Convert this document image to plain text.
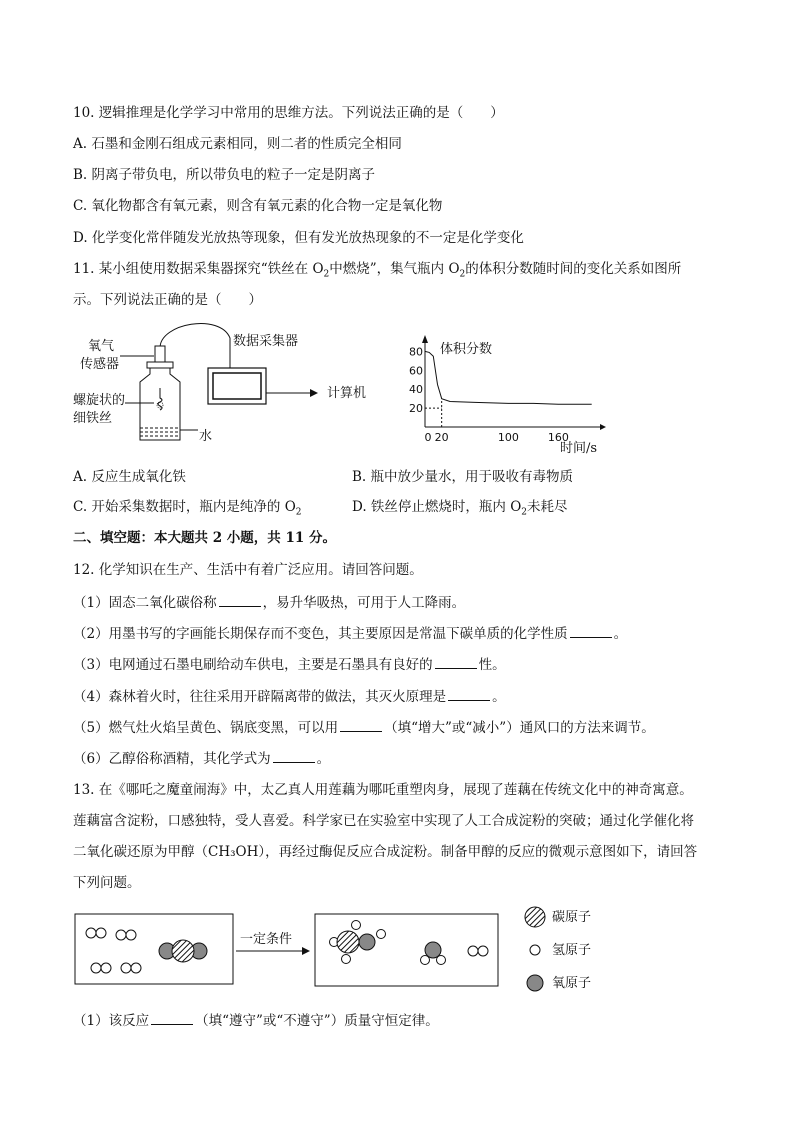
10. 逻辑推理是化学学习中常用的思维方法。下列说法正确的是（　　）
A. 石墨和金刚石组成元素相同，则二者的性质完全相同
B. 阴离子带负电，所以带负电的粒子一定是阴离子
C. 氧化物都含有氧元素，则含有氧元素的化合物一定是氧化物
D. 化学变化常伴随发光放热等现象，但有发光放热现象的不一定是化学变化
11. 某小组使用数据采集器探究“铁丝在 $O_2$中燃烧”，集气瓶内 $O_2$的体积分数随时间的变化关系如图所
示。下列说法正确的是（　　）
氧气
传感器
数据采集器
计算机
螺旋状的
细铁丝
水
20
40
60
80
0 20	100	160
体积分数
时间/s
A. 反应生成氧化铁	B. 瓶中放少量水，用于吸收有毒物质
C. 开始采集数据时，瓶内是纯净的 $O_2$	D. 铁丝停止燃烧时，瓶内 $O_2$未耗尽
二、填空题：本大题共 2 小题，共 11 分。
12. 化学知识在生产、生活中有着广泛应用。请回答问题。
（1）固态二氧化碳俗称	，易升华吸热，可用于人工降雨。
（2）用墨书写的字画能长期保存而不变色，其主要原因是常温下碳单质的化学性质	。
（3）电网通过石墨电刷给动车供电，主要是石墨具有良好的	性。
（4）森林着火时，往往采用开辟隔离带的做法，其灭火原理是	。
（5）燃气灶火焰呈黄色、锅底变黑，可以用	（填“增大”或“减小”）通风口的方法来调节。
（6）乙醇俗称酒精，其化学式为	。
13. 在《哪吒之魔童闹海》中，太乙真人用莲藕为哪吒重塑肉身，展现了莲藕在传统文化中的神奇寓意。
莲藕富含淀粉，口感独特，受人喜爱。科学家已在实验室中实现了人工合成淀粉的突破；通过化学催化将
二氧化碳还原为甲醇（CH₃OH），再经过酶促反应合成淀粉。制备甲醇的反应的微观示意图如下，请回答
下列问题。
一定条件
碳原子
氢原子
氧原子
（1）该反应	（填“遵守”或“不遵守”）质量守恒定律。
